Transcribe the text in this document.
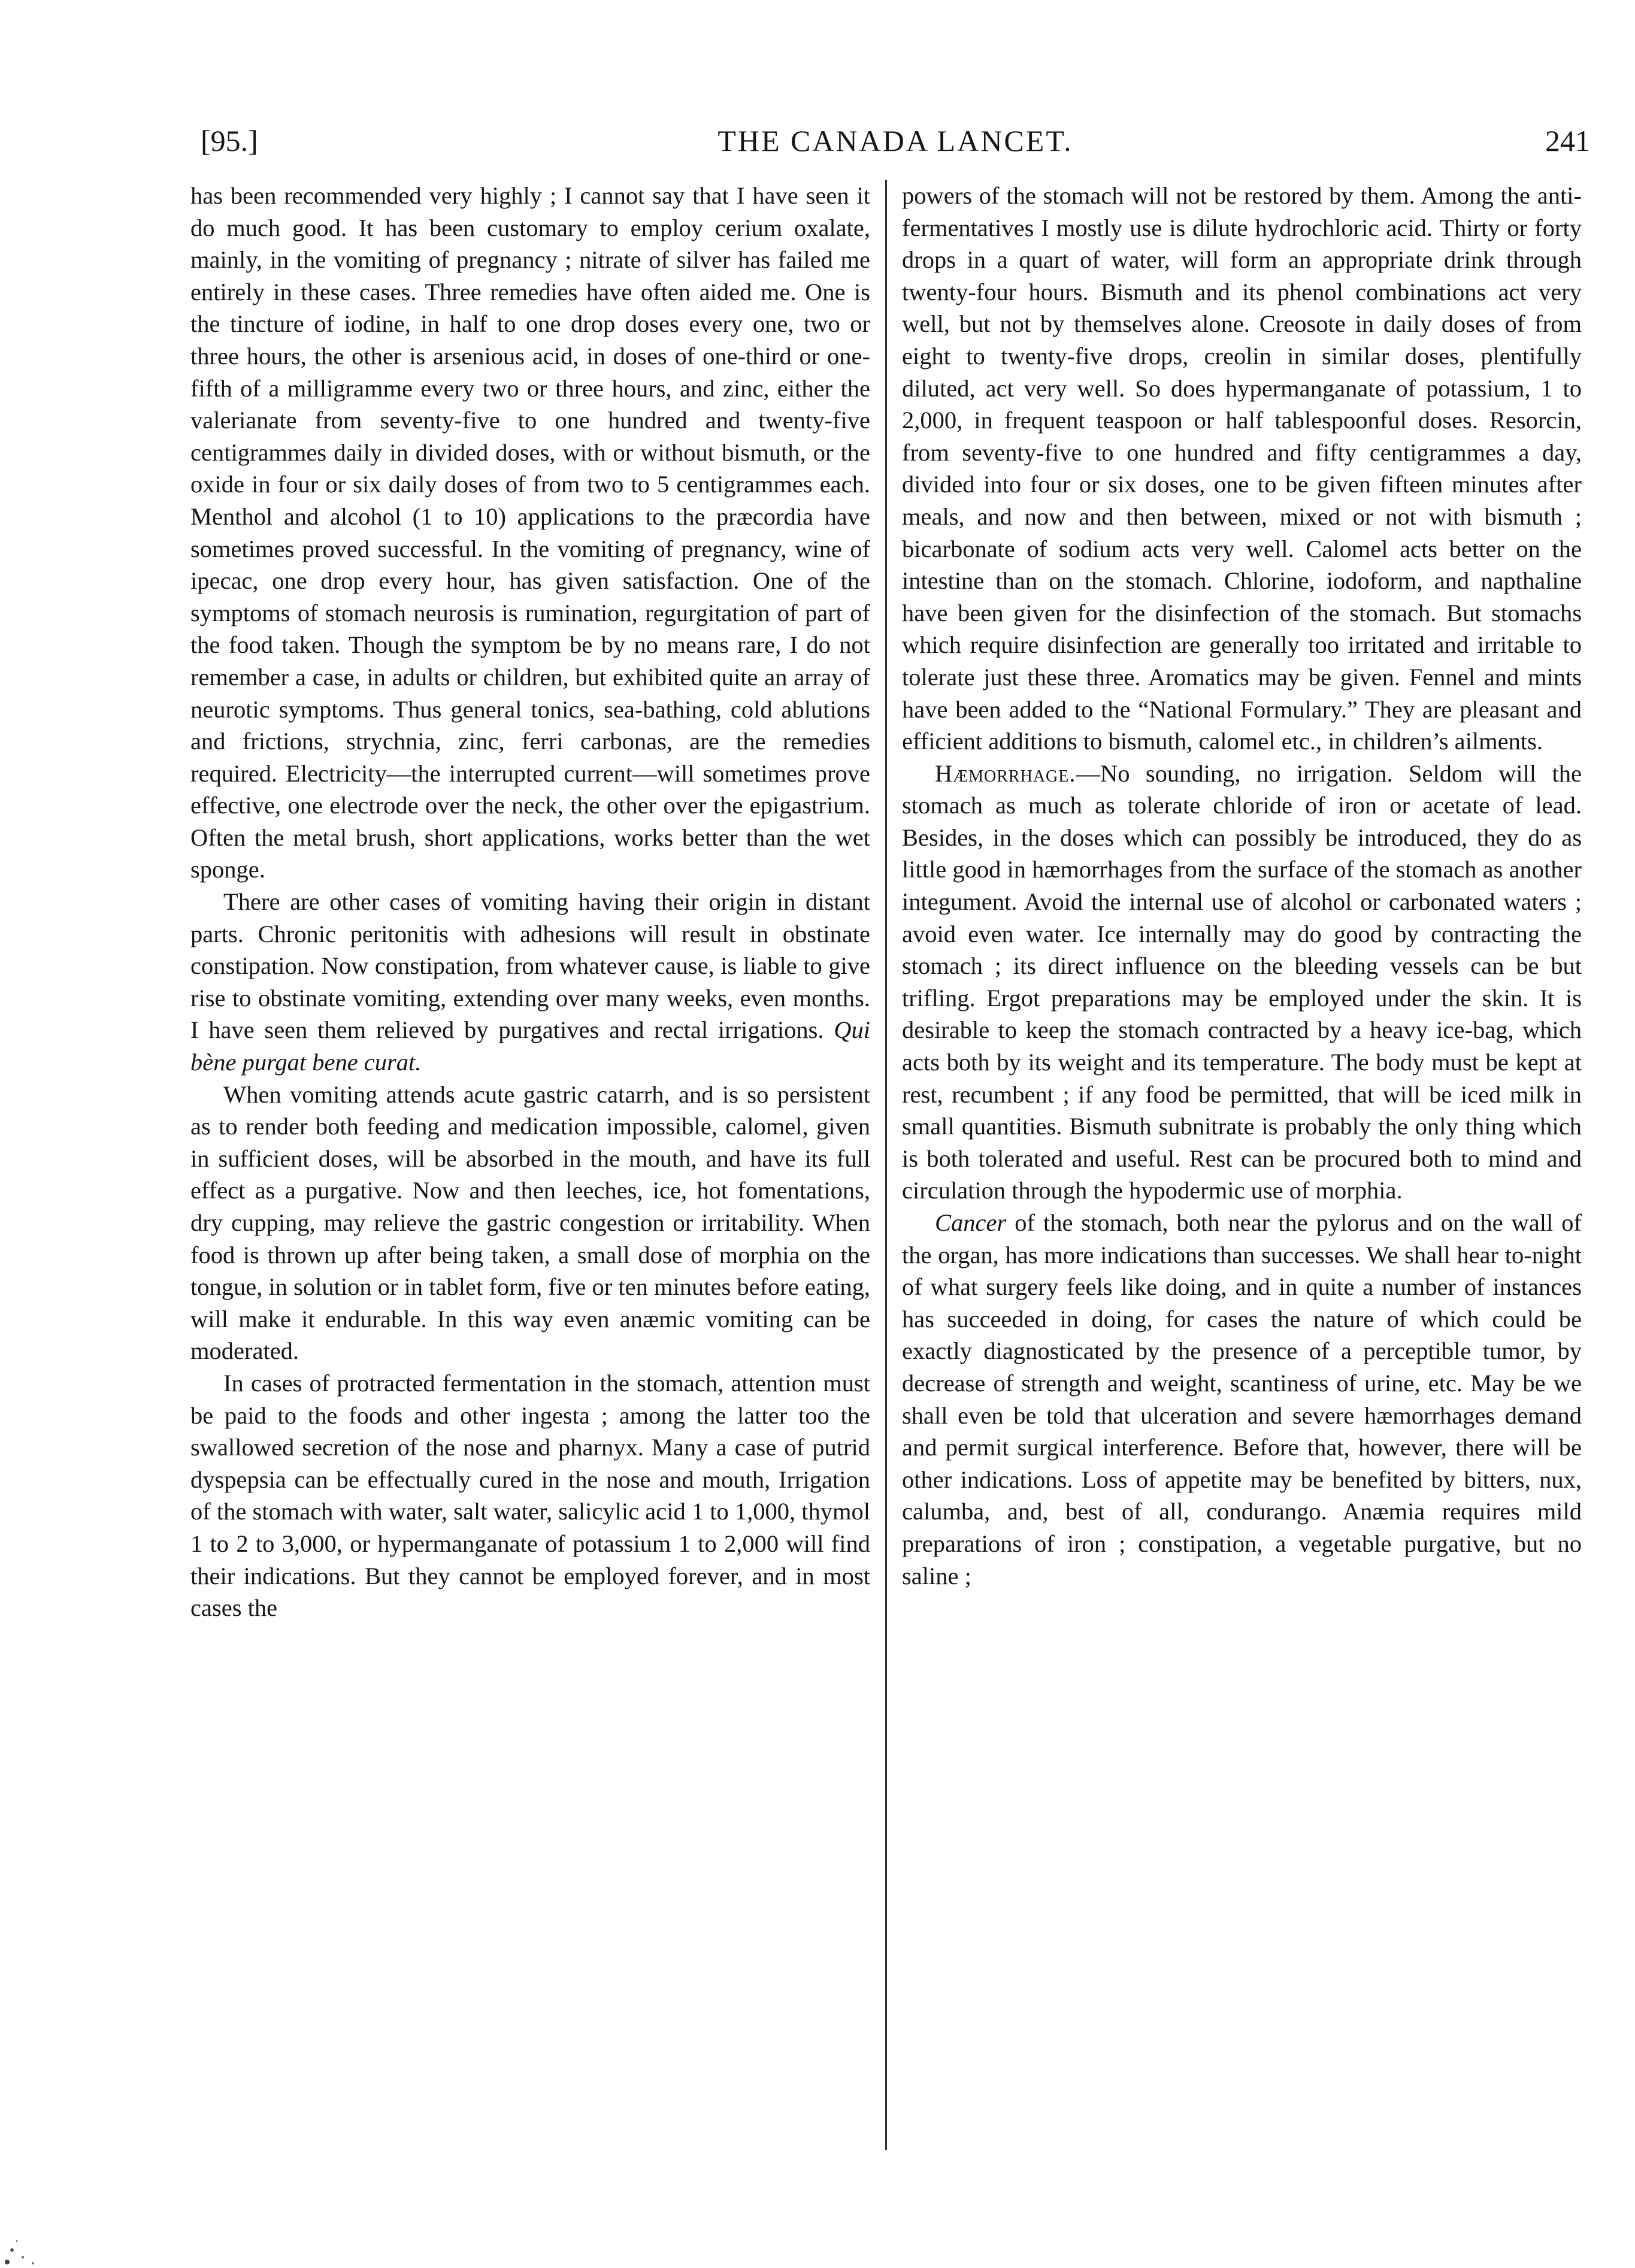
[95.]	THE CANADA LANCET.	241

has been recommended very highly ; I cannot say that I have seen it do much good. It has been customary to employ cerium oxalate, mainly, in the vomiting of pregnancy ; nitrate of silver has failed me entirely in these cases. Three remedies have often aided me. One is the tincture of iodine, in half to one drop doses every one, two or three hours, the other is arsenious acid, in doses of one-third or one-fifth of a milligramme every two or three hours, and zinc, either the valerianate from seventy-five to one hundred and twenty-five centigrammes daily in divided doses, with or without bismuth, or the oxide in four or six daily doses of from two to 5 centigrammes each. Menthol and alcohol (1 to 10) applications to the præcordia have sometimes proved successful. In the vomiting of pregnancy, wine of ipecac, one drop every hour, has given satisfaction. One of the symptoms of stomach neurosis is rumination, regurgitation of part of the food taken. Though the symptom be by no means rare, I do not remember a case, in adults or children, but exhibited quite an array of neurotic symptoms. Thus general tonics, sea-bathing, cold ablutions and frictions, strychnia, zinc, ferri carbonas, are the remedies required. Electricity—the interrupted current—will sometimes prove effective, one electrode over the neck, the other over the epigastrium. Often the metal brush, short applications, works better than the wet sponge.

There are other cases of vomiting having their origin in distant parts. Chronic peritonitis with adhesions will result in obstinate constipation. Now constipation, from whatever cause, is liable to give rise to obstinate vomiting, extending over many weeks, even months. I have seen them relieved by purgatives and rectal irrigations. Qui bène purgat bene curat.

When vomiting attends acute gastric catarrh, and is so persistent as to render both feeding and medication impossible, calomel, given in sufficient doses, will be absorbed in the mouth, and have its full effect as a purgative. Now and then leeches, ice, hot fomentations, dry cupping, may relieve the gastric congestion or irritability. When food is thrown up after being taken, a small dose of morphia on the tongue, in solution or in tablet form, five or ten minutes before eating, will make it endurable. In this way even anæmic vomiting can be moderated.

In cases of protracted fermentation in the stomach, attention must be paid to the foods and other ingesta ; among the latter too the swallowed secretion of the nose and pharnyx. Many a case of putrid dyspepsia can be effectually cured in the nose and mouth, Irrigation of the stomach with water, salt water, salicylic acid 1 to 1,000, thymol 1 to 2 to 3,000, or hypermanganate of potassium 1 to 2,000 will find their indications. But they cannot be employed forever, and in most cases the

powers of the stomach will not be restored by them. Among the anti-fermentatives I mostly use is dilute hydrochloric acid. Thirty or forty drops in a quart of water, will form an appropriate drink through twenty-four hours. Bismuth and its phenol combinations act very well, but not by themselves alone. Creosote in daily doses of from eight to twenty-five drops, creolin in similar doses, plentifully diluted, act very well. So does hypermanganate of potassium, 1 to 2,000, in frequent teaspoon or half tablespoonful doses. Resorcin, from seventy-five to one hundred and fifty centigrammes a day, divided into four or six doses, one to be given fifteen minutes after meals, and now and then between, mixed or not with bismuth ; bicarbonate of sodium acts very well. Calomel acts better on the intestine than on the stomach. Chlorine, iodoform, and napthaline have been given for the disinfection of the stomach. But stomachs which require disinfection are generally too irritated and irritable to tolerate just these three. Aromatics may be given. Fennel and mints have been added to the “National Formulary.” They are pleasant and efficient additions to bismuth, calomel etc., in children’s ailments.

Hæmorrhage.—No sounding, no irrigation. Seldom will the stomach as much as tolerate chloride of iron or acetate of lead. Besides, in the doses which can possibly be introduced, they do as little good in hæmorrhages from the surface of the stomach as another integument. Avoid the internal use of alcohol or carbonated waters ; avoid even water. Ice internally may do good by contracting the stomach ; its direct influence on the bleeding vessels can be but trifling. Ergot preparations may be employed under the skin. It is desirable to keep the stomach contracted by a heavy ice-bag, which acts both by its weight and its temperature. The body must be kept at rest, recumbent ; if any food be permitted, that will be iced milk in small quantities. Bismuth subnitrate is probably the only thing which is both tolerated and useful. Rest can be procured both to mind and circulation through the hypodermic use of morphia.

Cancer of the stomach, both near the pylorus and on the wall of the organ, has more indications than successes. We shall hear to-night of what surgery feels like doing, and in quite a number of instances has succeeded in doing, for cases the nature of which could be exactly diagnosticated by the presence of a perceptible tumor, by decrease of strength and weight, scantiness of urine, etc. May be we shall even be told that ulceration and severe hæmorrhages demand and permit surgical interference. Before that, however, there will be other indications. Loss of appetite may be benefited by bitters, nux, calumba, and, best of all, condurango. Anæmia requires mild preparations of iron ; constipation, a vegetable purgative, but no saline ;
